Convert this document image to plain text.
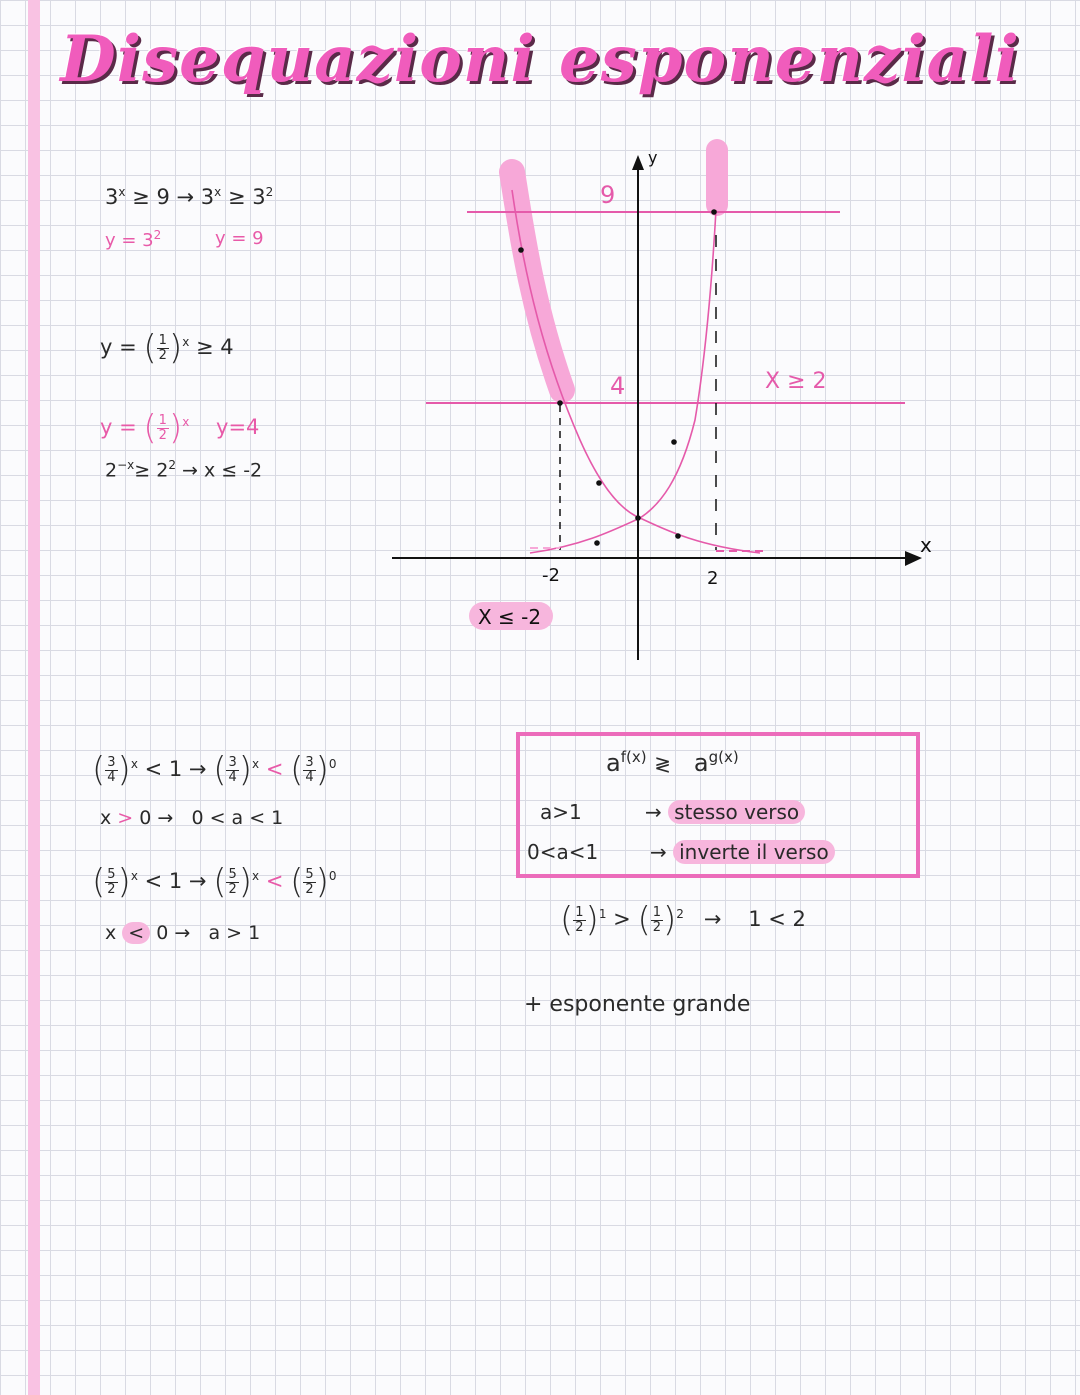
Disequazioni esponenziali
$3^x \ge 9 \to 3^x \ge 3^2$
$y = 3^2$	y = 9
y = ( $\frac{1}{2} )^x \ge 4$
y = ( $\frac{1}{2} )^x$ y=4
$2^{-x}\ge 2^2 \to x \le -2$
y
x
9
4
-2	2
X ≥ 2
X ≤ -2
( $\frac{3}{4} )^x < 1$ → ( $\frac{3}{4} )^x$ < ( $\frac{3}{4} )^0$
x > 0 →   0 < a < 1
( $\frac{5}{2} )^x < 1$ → ( $\frac{5}{2} )^x$ < ( $\frac{5}{2} )^0$
x < 0 →   a > 1
$a^{f(x)}$ ≷ $a^{g(x)}$
a>1	→ stesso verso
0<a<1	→ inverte il verso
( $\frac{1}{2} )^1$ > ( $\frac{1}{2} )^2$   →    1 < 2
+ esponente grande
